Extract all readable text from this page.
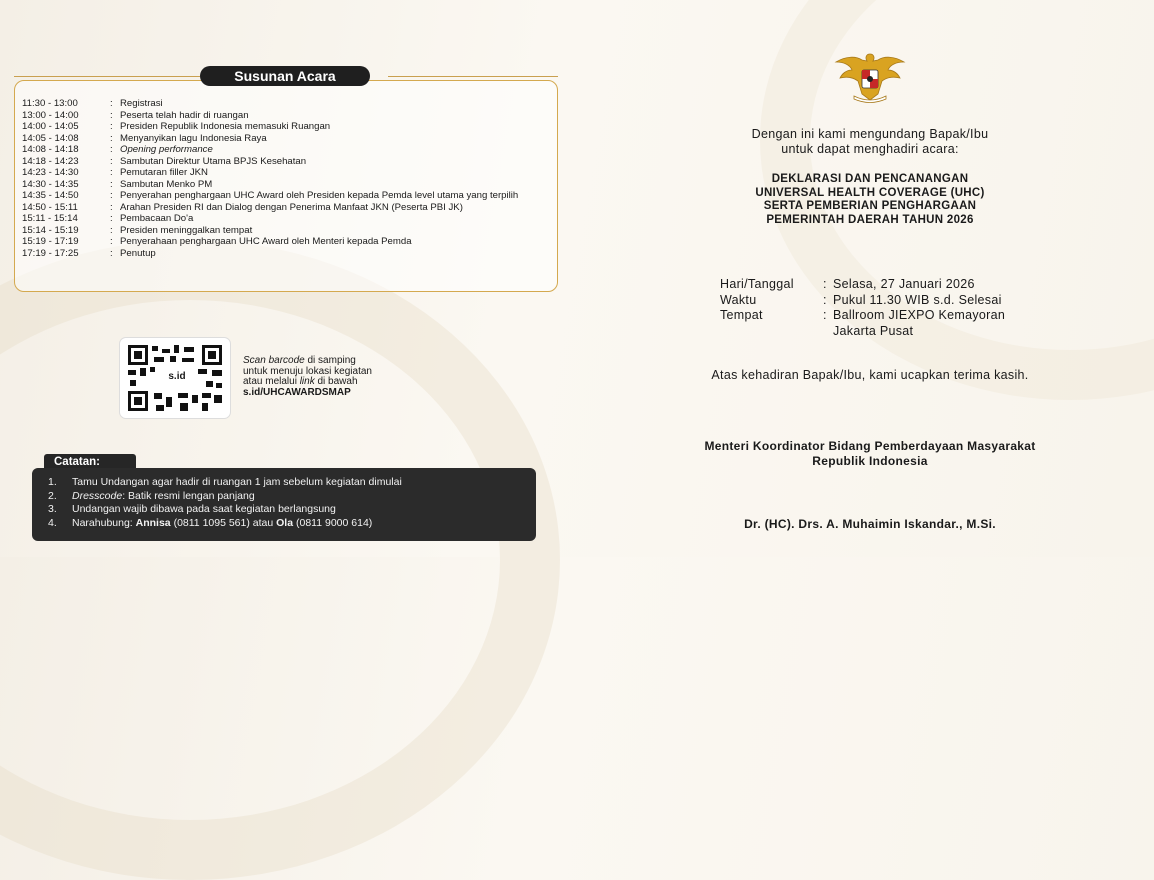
Susunan Acara
11:30 - 13:00	: Registrasi
13:00 - 14:00	: Peserta telah hadir di ruangan
14:00 - 14:05	: Presiden Republik Indonesia memasuki Ruangan
14:05 - 14:08	: Menyanyikan lagu Indonesia Raya
14:08 - 14:18	: Opening performance
14:18 - 14:23	: Sambutan Direktur Utama BPJS Kesehatan
14:23 - 14:30	: Pemutaran filler JKN
14:30 - 14:35	: Sambutan Menko PM
14:35 - 14:50	: Penyerahan penghargaan UHC Award oleh Presiden kepada Pemda level utama yang terpilih
14:50 - 15:11	: Arahan Presiden RI dan Dialog dengan Penerima Manfaat JKN (Peserta PBI JK)
15:11 - 15:14	: Pembacaan Do'a
15:14 - 15:19	: Presiden meninggalkan tempat
15:19 - 17:19	: Penyerahaan penghargaan UHC Award oleh Menteri kepada Pemda
17:19 - 17:25	: Penutup
s.id
Scan barcode di samping
untuk menuju lokasi kegiatan
atau melalui link di bawah
s.id/UHCAWARDSMAP
Catatan:
1.	Tamu Undangan agar hadir di ruangan 1 jam sebelum kegiatan dimulai
2.	Dresscode: Batik resmi lengan panjang
3.	Undangan wajib dibawa pada saat kegiatan berlangsung
4.	Narahubung: Annisa (0811 1095 561) atau Ola (0811 9000 614)
Dengan ini kami mengundang Bapak/Ibu
untuk dapat menghadiri acara:
DEKLARASI DAN PENCANANGAN
UNIVERSAL HEALTH COVERAGE (UHC)
SERTA PEMBERIAN PENGHARGAAN
PEMERINTAH DAERAH TAHUN 2026
Hari/Tanggal	: Selasa, 27 Januari 2026
Waktu	: Pukul 11.30 WIB s.d. Selesai
Tempat	: Ballroom JIEXPO Kemayoran
Jakarta Pusat
Atas kehadiran Bapak/Ibu, kami ucapkan terima kasih.
Menteri Koordinator Bidang Pemberdayaan Masyarakat
Republik Indonesia
Dr. (HC). Drs. A. Muhaimin Iskandar., M.Si.
